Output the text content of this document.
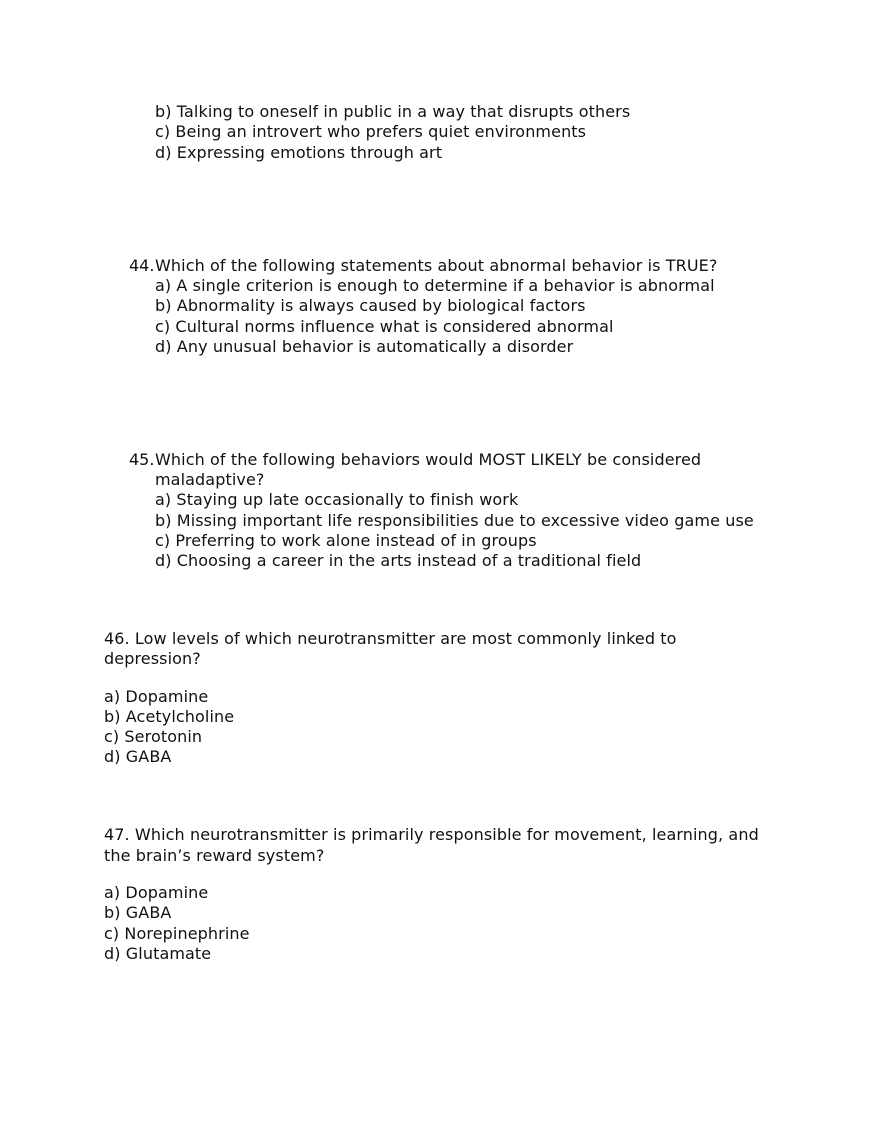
b) Talking to oneself in public in a way that disrupts others
c) Being an introvert who prefers quiet environments
d) Expressing emotions through art
44. Which of the following statements about abnormal behavior is TRUE?
a) A single criterion is enough to determine if a behavior is abnormal
b) Abnormality is always caused by biological factors
c) Cultural norms influence what is considered abnormal
d) Any unusual behavior is automatically a disorder
45. Which of the following behaviors would MOST LIKELY be considered
maladaptive?
a) Staying up late occasionally to finish work
b) Missing important life responsibilities due to excessive video game use
c) Preferring to work alone instead of in groups
d) Choosing a career in the arts instead of a traditional field
46. Low levels of which neurotransmitter are most commonly linked to
depression?
a) Dopamine
b) Acetylcholine
c) Serotonin
d) GABA
47. Which neurotransmitter is primarily responsible for movement, learning, and
the brain’s reward system?
a) Dopamine
b) GABA
c) Norepinephrine
d) Glutamate
